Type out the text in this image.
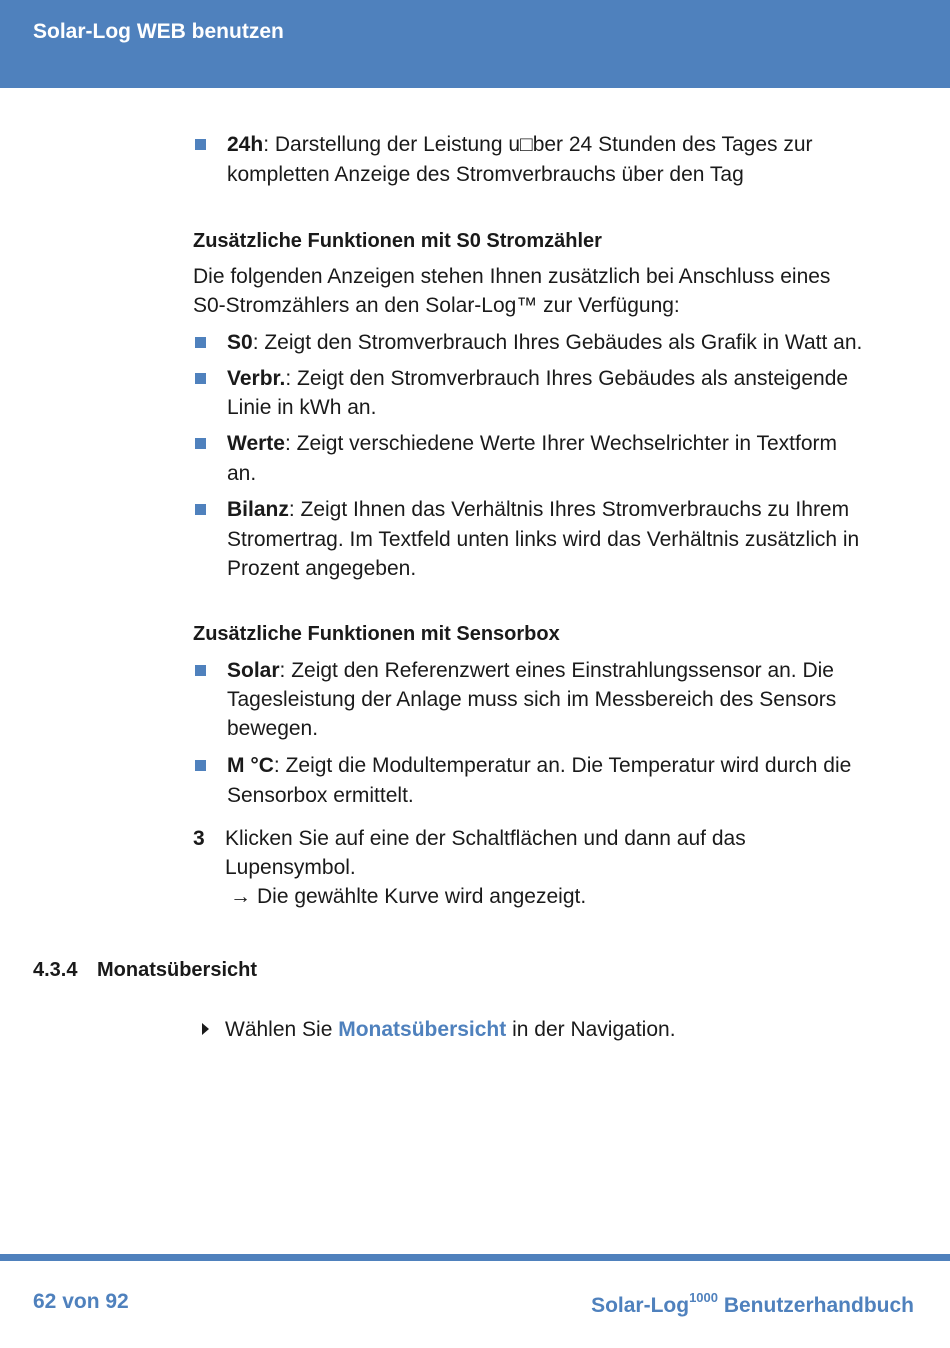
Solar-Log WEB benutzen
24h: Darstellung der Leistung u□ber 24 Stunden des Tages zur
kompletten Anzeige des Stromverbrauchs über den Tag
Zusätzliche Funktionen mit S0 Stromzähler
Die folgenden Anzeigen stehen Ihnen zusätzlich bei Anschluss eines
S0-Stromzählers an den Solar-Log™ zur Verfügung:
S0: Zeigt den Stromverbrauch Ihres Gebäudes als Grafik in Watt an.
Verbr.: Zeigt den Stromverbrauch Ihres Gebäudes als ansteigende
Linie in kWh an.
Werte: Zeigt verschiedene Werte Ihrer Wechselrichter in Textform
an.
Bilanz: Zeigt Ihnen das Verhältnis Ihres Stromverbrauchs zu Ihrem
Stromertrag. Im Textfeld unten links wird das Verhältnis zusätzlich in
Prozent angegeben.
Zusätzliche Funktionen mit Sensorbox
Solar: Zeigt den Referenzwert eines Einstrahlungssensor an. Die
Tagesleistung der Anlage muss sich im Messbereich des Sensors
bewegen.
M °C: Zeigt die Modultemperatur an. Die Temperatur wird durch die
Sensorbox ermittelt.
3 Klicken Sie auf eine der Schaltflächen und dann auf das
Lupensymbol.
→ Die gewählte Kurve wird angezeigt.
4.3.4 Monatsübersicht
Wählen Sie Monatsübersicht in der Navigation.
62 von 92	Solar-Log$^{1000}$ Benutzerhandbuch
